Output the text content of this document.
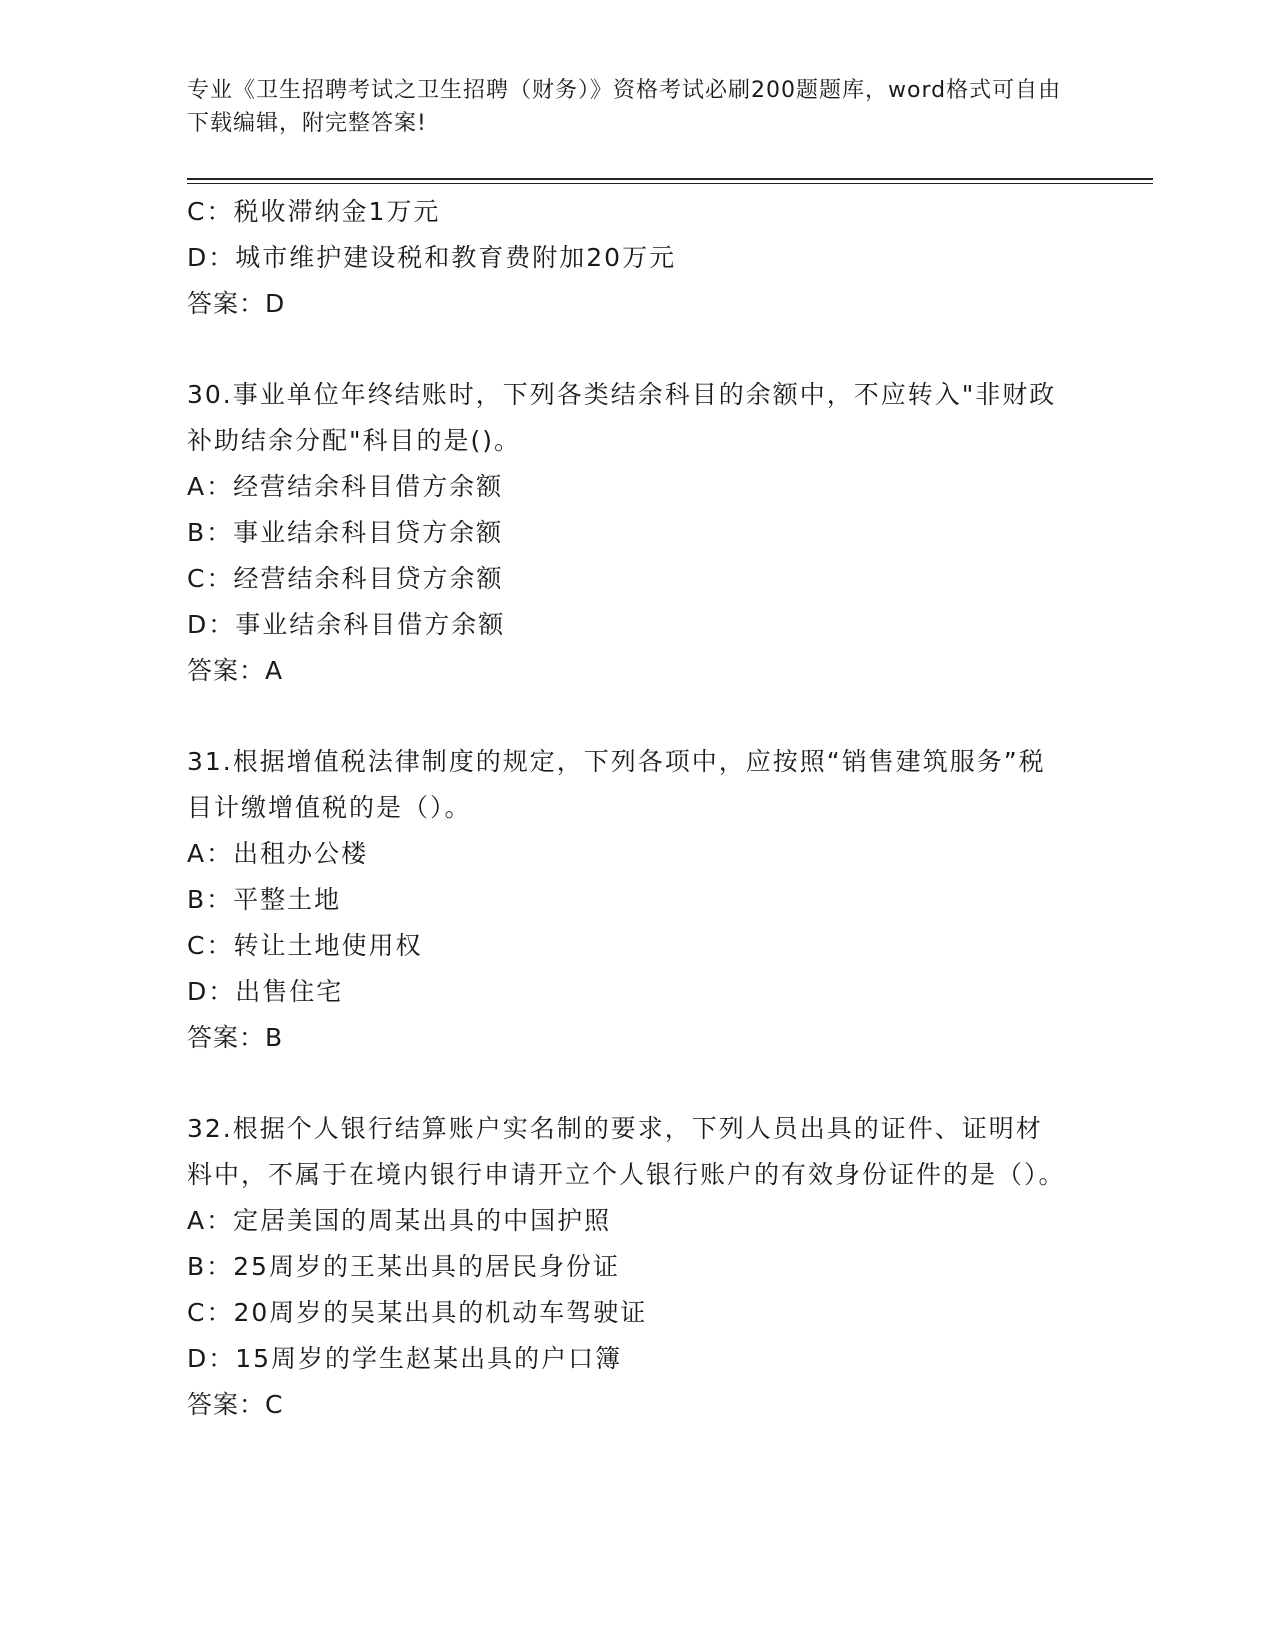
专业《卫生招聘考试之卫生招聘（财务）》资格考试必刷200题题库，word格式可自由下载编辑，附完整答案!
C：税收滞纳金1万元
D：城市维护建设税和教育费附加20万元
答案：D
30.事业单位年终结账时，下列各类结余科目的余额中，不应转入"非财政补助结余分配"科目的是()。
A：经营结余科目借方余额
B：事业结余科目贷方余额
C：经营结余科目贷方余额
D：事业结余科目借方余额
答案：A
31.根据增值税法律制度的规定，下列各项中，应按照“销售建筑服务”税目计缴增值税的是（）。
A：出租办公楼
B：平整土地
C：转让土地使用权
D：出售住宅
答案：B
32.根据个人银行结算账户实名制的要求，下列人员出具的证件、证明材料中，不属于在境内银行申请开立个人银行账户的有效身份证件的是（）。
A：定居美国的周某出具的中国护照
B：25周岁的王某出具的居民身份证
C：20周岁的吴某出具的机动车驾驶证
D：15周岁的学生赵某出具的户口簿
答案：C
